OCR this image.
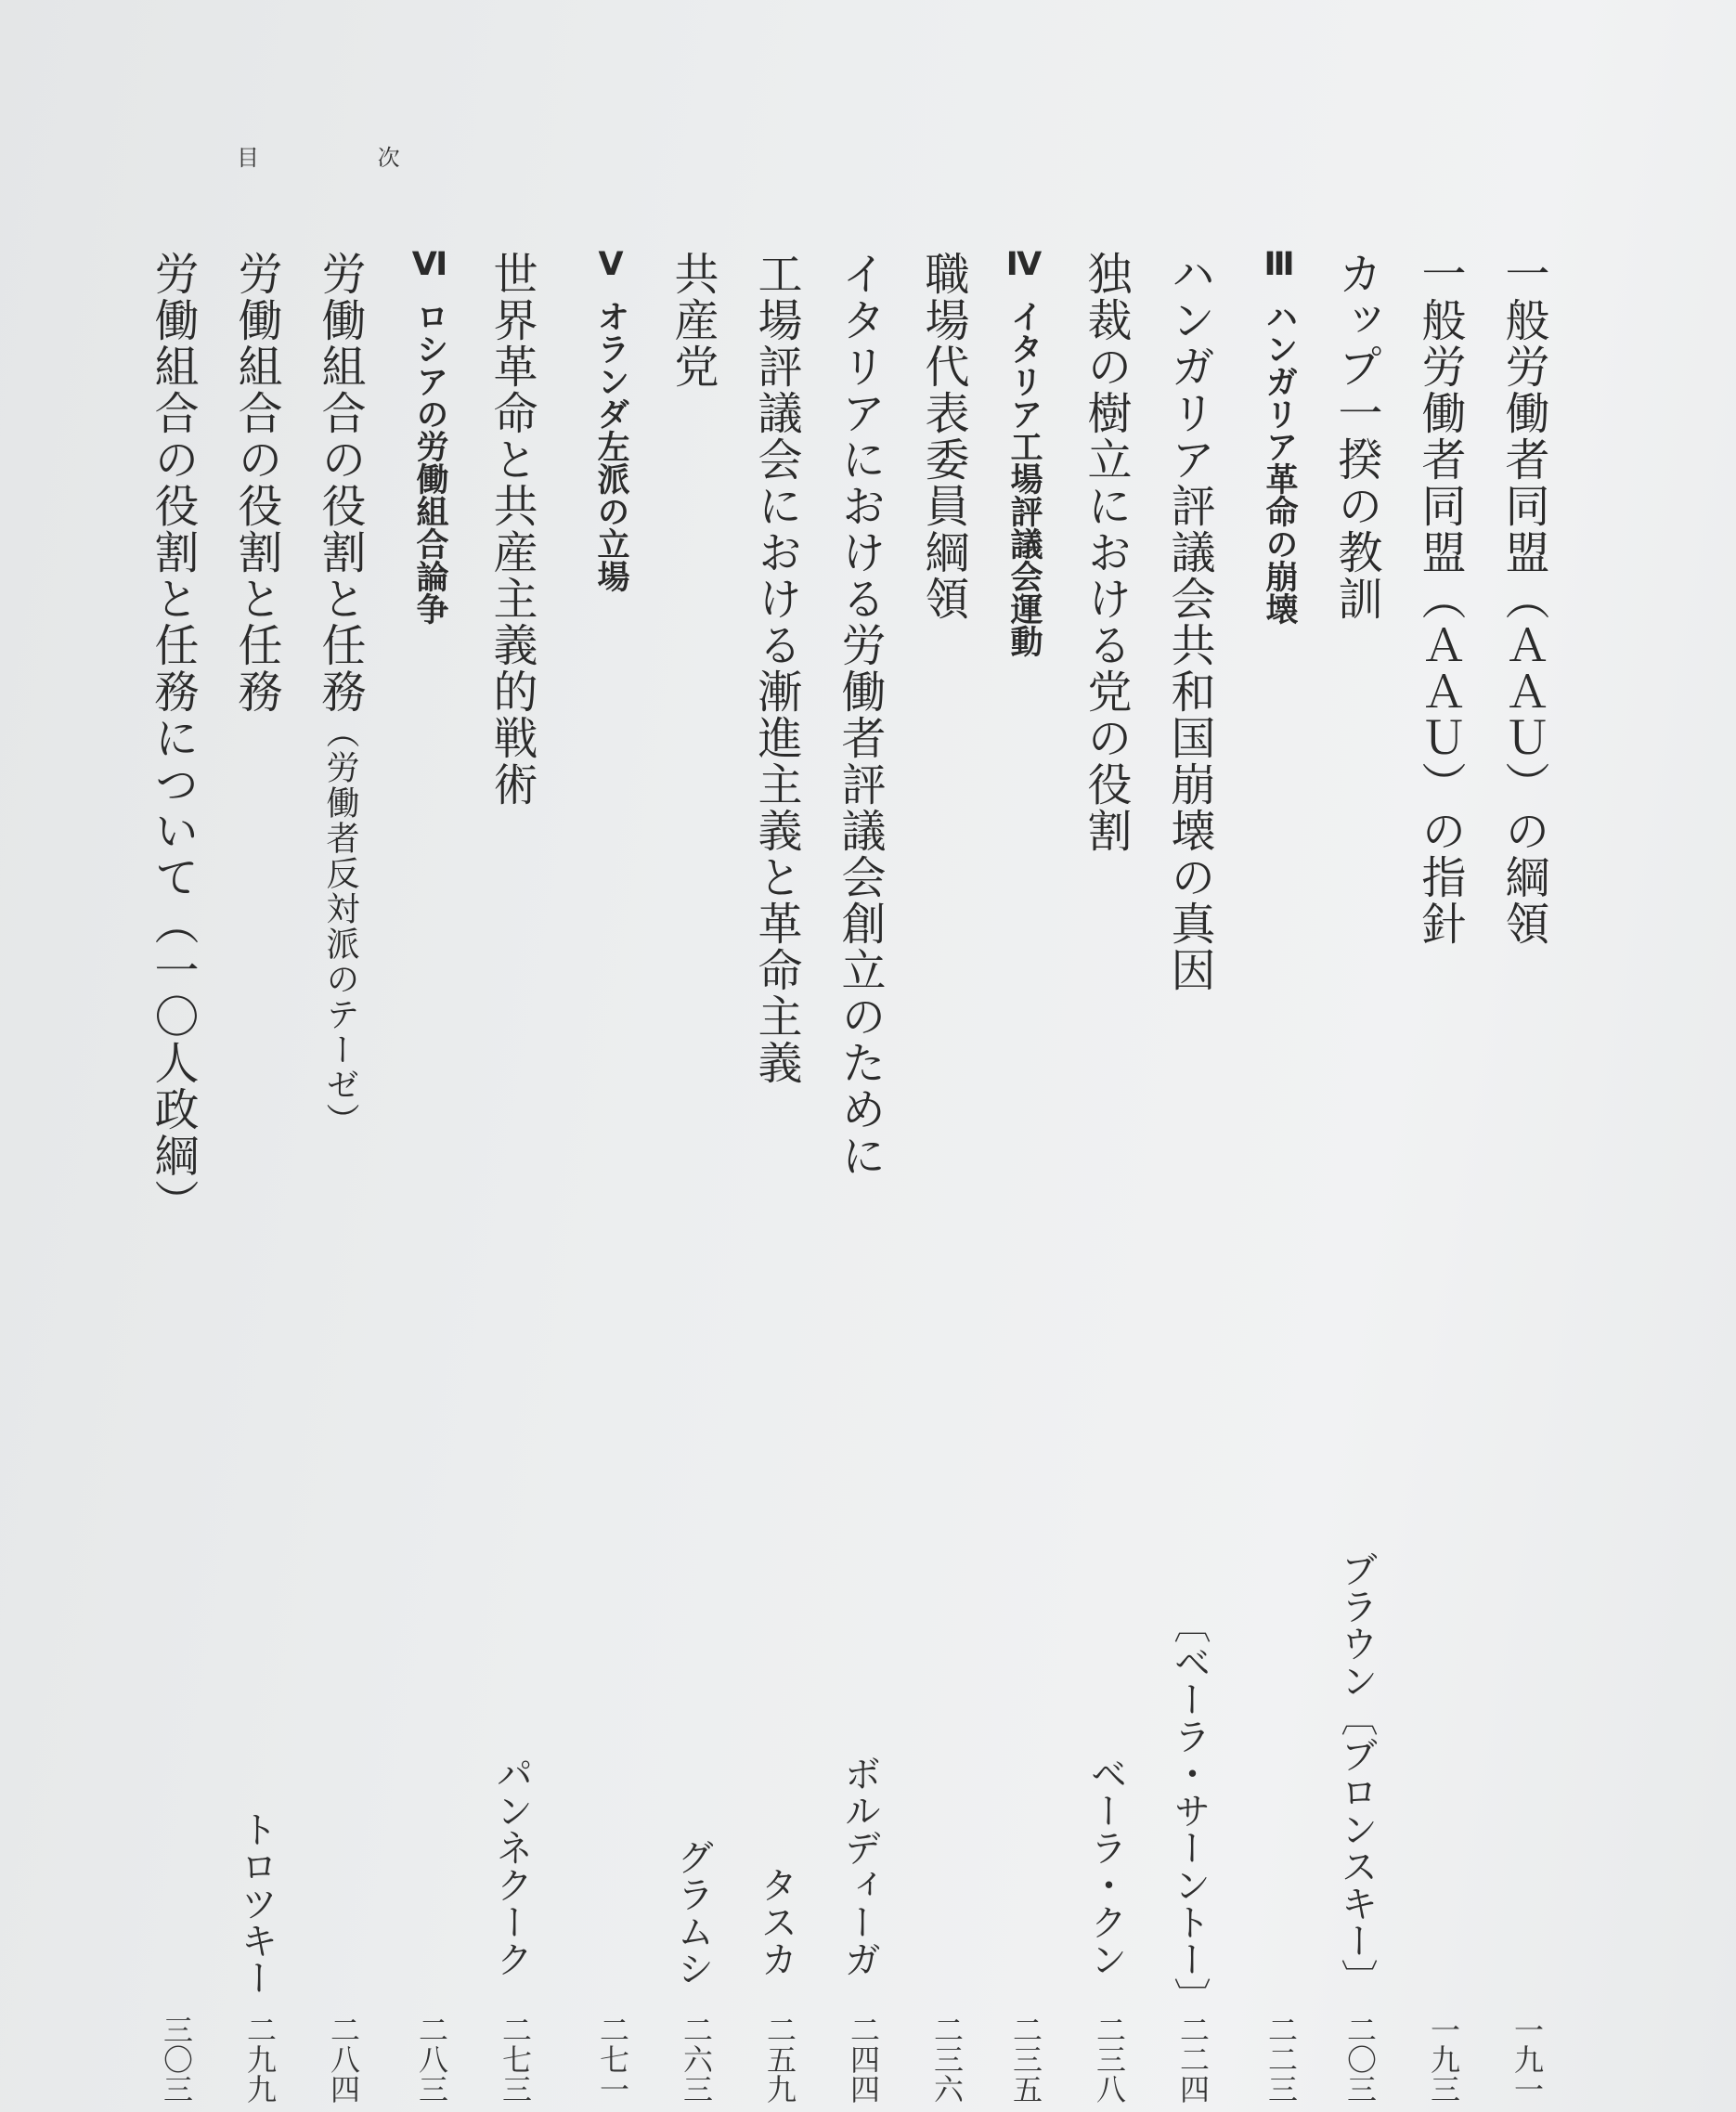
目 次
一般労働者同盟（ＡＡＵ）の綱領
一九一
一般労働者同盟（ＡＡＵ）の指針
一九三
カップ一揆の教訓
ブラウン〔ブロンスキー〕
二〇三
Ⅲハンガリア革命の崩壊
二二三
ハンガリア評議会共和国崩壊の真因
〔ベーラ・サーントー〕
二二四
独裁の樹立における党の役割
ベーラ・クン
二三八
Ⅳイタリア工場評議会運動
二三五
職場代表委員綱領
二三六
イタリアにおける労働者評議会創立のために
ボルディーガ
二四四
工場評議会における漸進主義と革命主義
タスカ
二五九
共産党
グラムシ
二六三
Ⅴオランダ左派の立場
二七一
世界革命と共産主義的戦術
パンネクーク
二七三
Ⅵロシアの労働組合論争
二八三
労働組合の役割と任務（労働者反対派のテーゼ）
二八四
労働組合の役割と任務
トロツキー
二九九
労働組合の役割と任務について（一〇人政綱）
三〇三
